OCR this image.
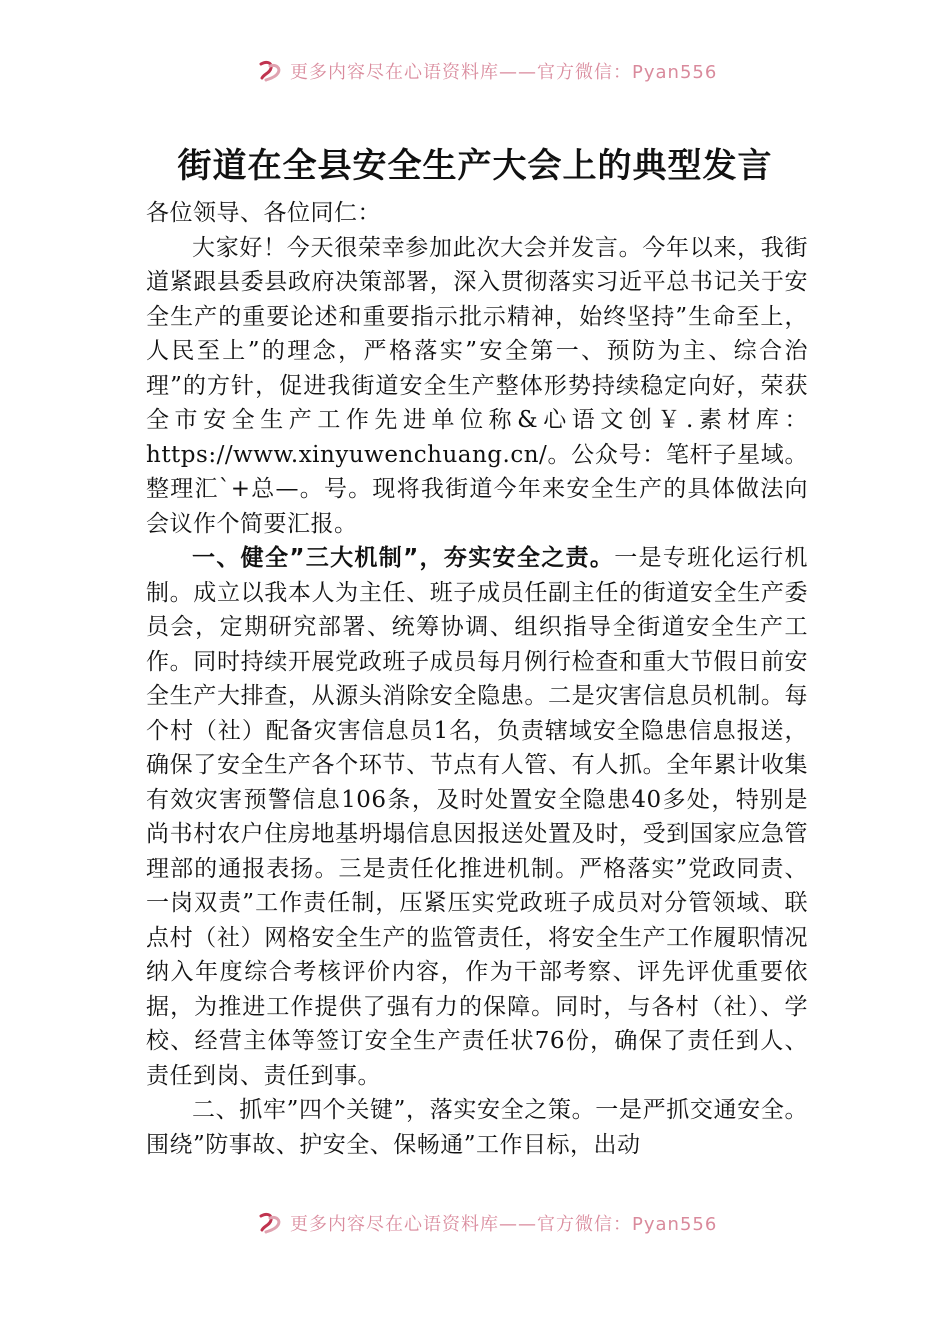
更多内容尽在心语资料库——官方微信：Pyan556
街道在全县安全生产大会上的典型发言

各位领导、各位同仁：

大家好！今天很荣幸参加此次大会并发言。今年以来，我街道紧跟县委县政府决策部署，深入贯彻落实习近平总书记关于安全生产的重要论述和重要指示批示精神，始终坚持”生命至上，人民至上”的理念，严格落实”安全第一、预防为主、综合治理”的方针，促进我街道安全生产整体形势持续稳定向好，荣获全市安全生产工作先进单位称&心语文创￥.素材库：https://www.xinyuwenchuang.cn/。公众号：笔杆子星域。整理汇`+总—。号。现将我街道今年来安全生产的具体做法向会议作个简要汇报。

一、健全”三大机制”，夯实安全之责。一是专班化运行机制。成立以我本人为主任、班子成员任副主任的街道安全生产委员会，定期研究部署、统筹协调、组织指导全街道安全生产工作。同时持续开展党政班子成员每月例行检查和重大节假日前安全生产大排查，从源头消除安全隐患。二是灾害信息员机制。每个村（社）配备灾害信息员1名，负责辖域安全隐患信息报送，确保了安全生产各个环节、节点有人管、有人抓。全年累计收集有效灾害预警信息106条，及时处置安全隐患40多处，特别是尚书村农户住房地基坍塌信息因报送处置及时，受到国家应急管理部的通报表扬。三是责任化推进机制。严格落实”党政同责、一岗双责”工作责任制，压紧压实党政班子成员对分管领域、联点村（社）网格安全生产的监管责任，将安全生产工作履职情况纳入年度综合考核评价内容，作为干部考察、评先评优重要依据，为推进工作提供了强有力的保障。同时，与各村（社）、学校、经营主体等签订安全生产责任状76份，确保了责任到人、责任到岗、责任到事。

二、抓牢”四个关键”，落实安全之策。一是严抓交通安全。围绕”防事故、护安全、保畅通”工作目标，出动

更多内容尽在心语资料库——官方微信：Pyan556
